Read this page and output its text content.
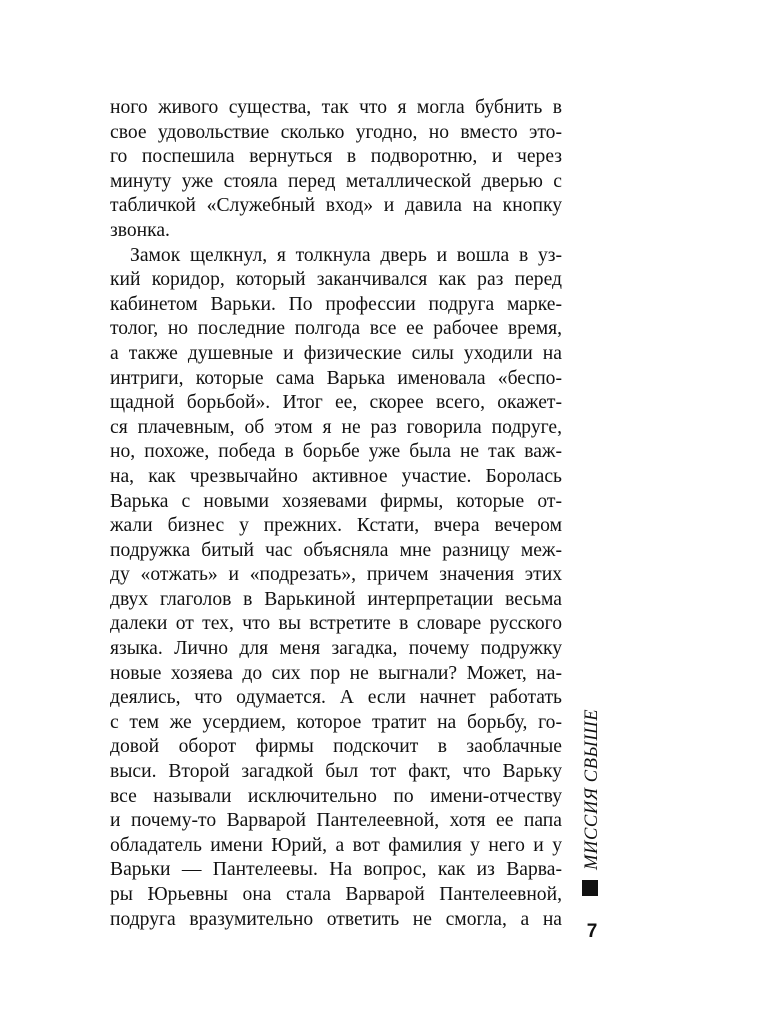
ного живого существа, так что я могла бубнить в
свое удовольствие сколько угодно, но вместо это-
го поспешила вернуться в подворотню, и через
минуту уже стояла перед металлической дверью с
табличкой «Служебный вход» и давила на кнопку
звонка.
Замок щелкнул, я толкнула дверь и вошла в уз-
кий коридор, который заканчивался как раз перед
кабинетом Варьки. По профессии подруга марке-
толог, но последние полгода все ее рабочее время,
а также душевные и физические силы уходили на
интриги, которые сама Варька именовала «беспо-
щадной борьбой». Итог ее, скорее всего, окажет-
ся плачевным, об этом я не раз говорила подруге,
но, похоже, победа в борьбе уже была не так важ-
на, как чрезвычайно активное участие. Боролась
Варька с новыми хозяевами фирмы, которые от-
жали бизнес у прежних. Кстати, вчера вечером
подружка битый час объясняла мне разницу меж-
ду «отжать» и «подрезать», причем значения этих
двух глаголов в Варькиной интерпретации весьма
далеки от тех, что вы встретите в словаре русского
языка. Лично для меня загадка, почему подружку
новые хозяева до сих пор не выгнали? Может, на-
деялись, что одумается. А если начнет работать
с тем же усердием, которое тратит на борьбу, го-
довой оборот фирмы подскочит в заоблачные
выси. Второй загадкой был тот факт, что Варьку
все называли исключительно по имени-отчеству
и почему-то Варварой Пантелеевной, хотя ее папа
обладатель имени Юрий, а вот фамилия у него и у
Варьки — Пантелеевы. На вопрос, как из Варва-
ры Юрьевны она стала Варварой Пантелеевной,
подруга вразумительно ответить не смогла, а на
МИССИЯ СВЫШЕ
7
